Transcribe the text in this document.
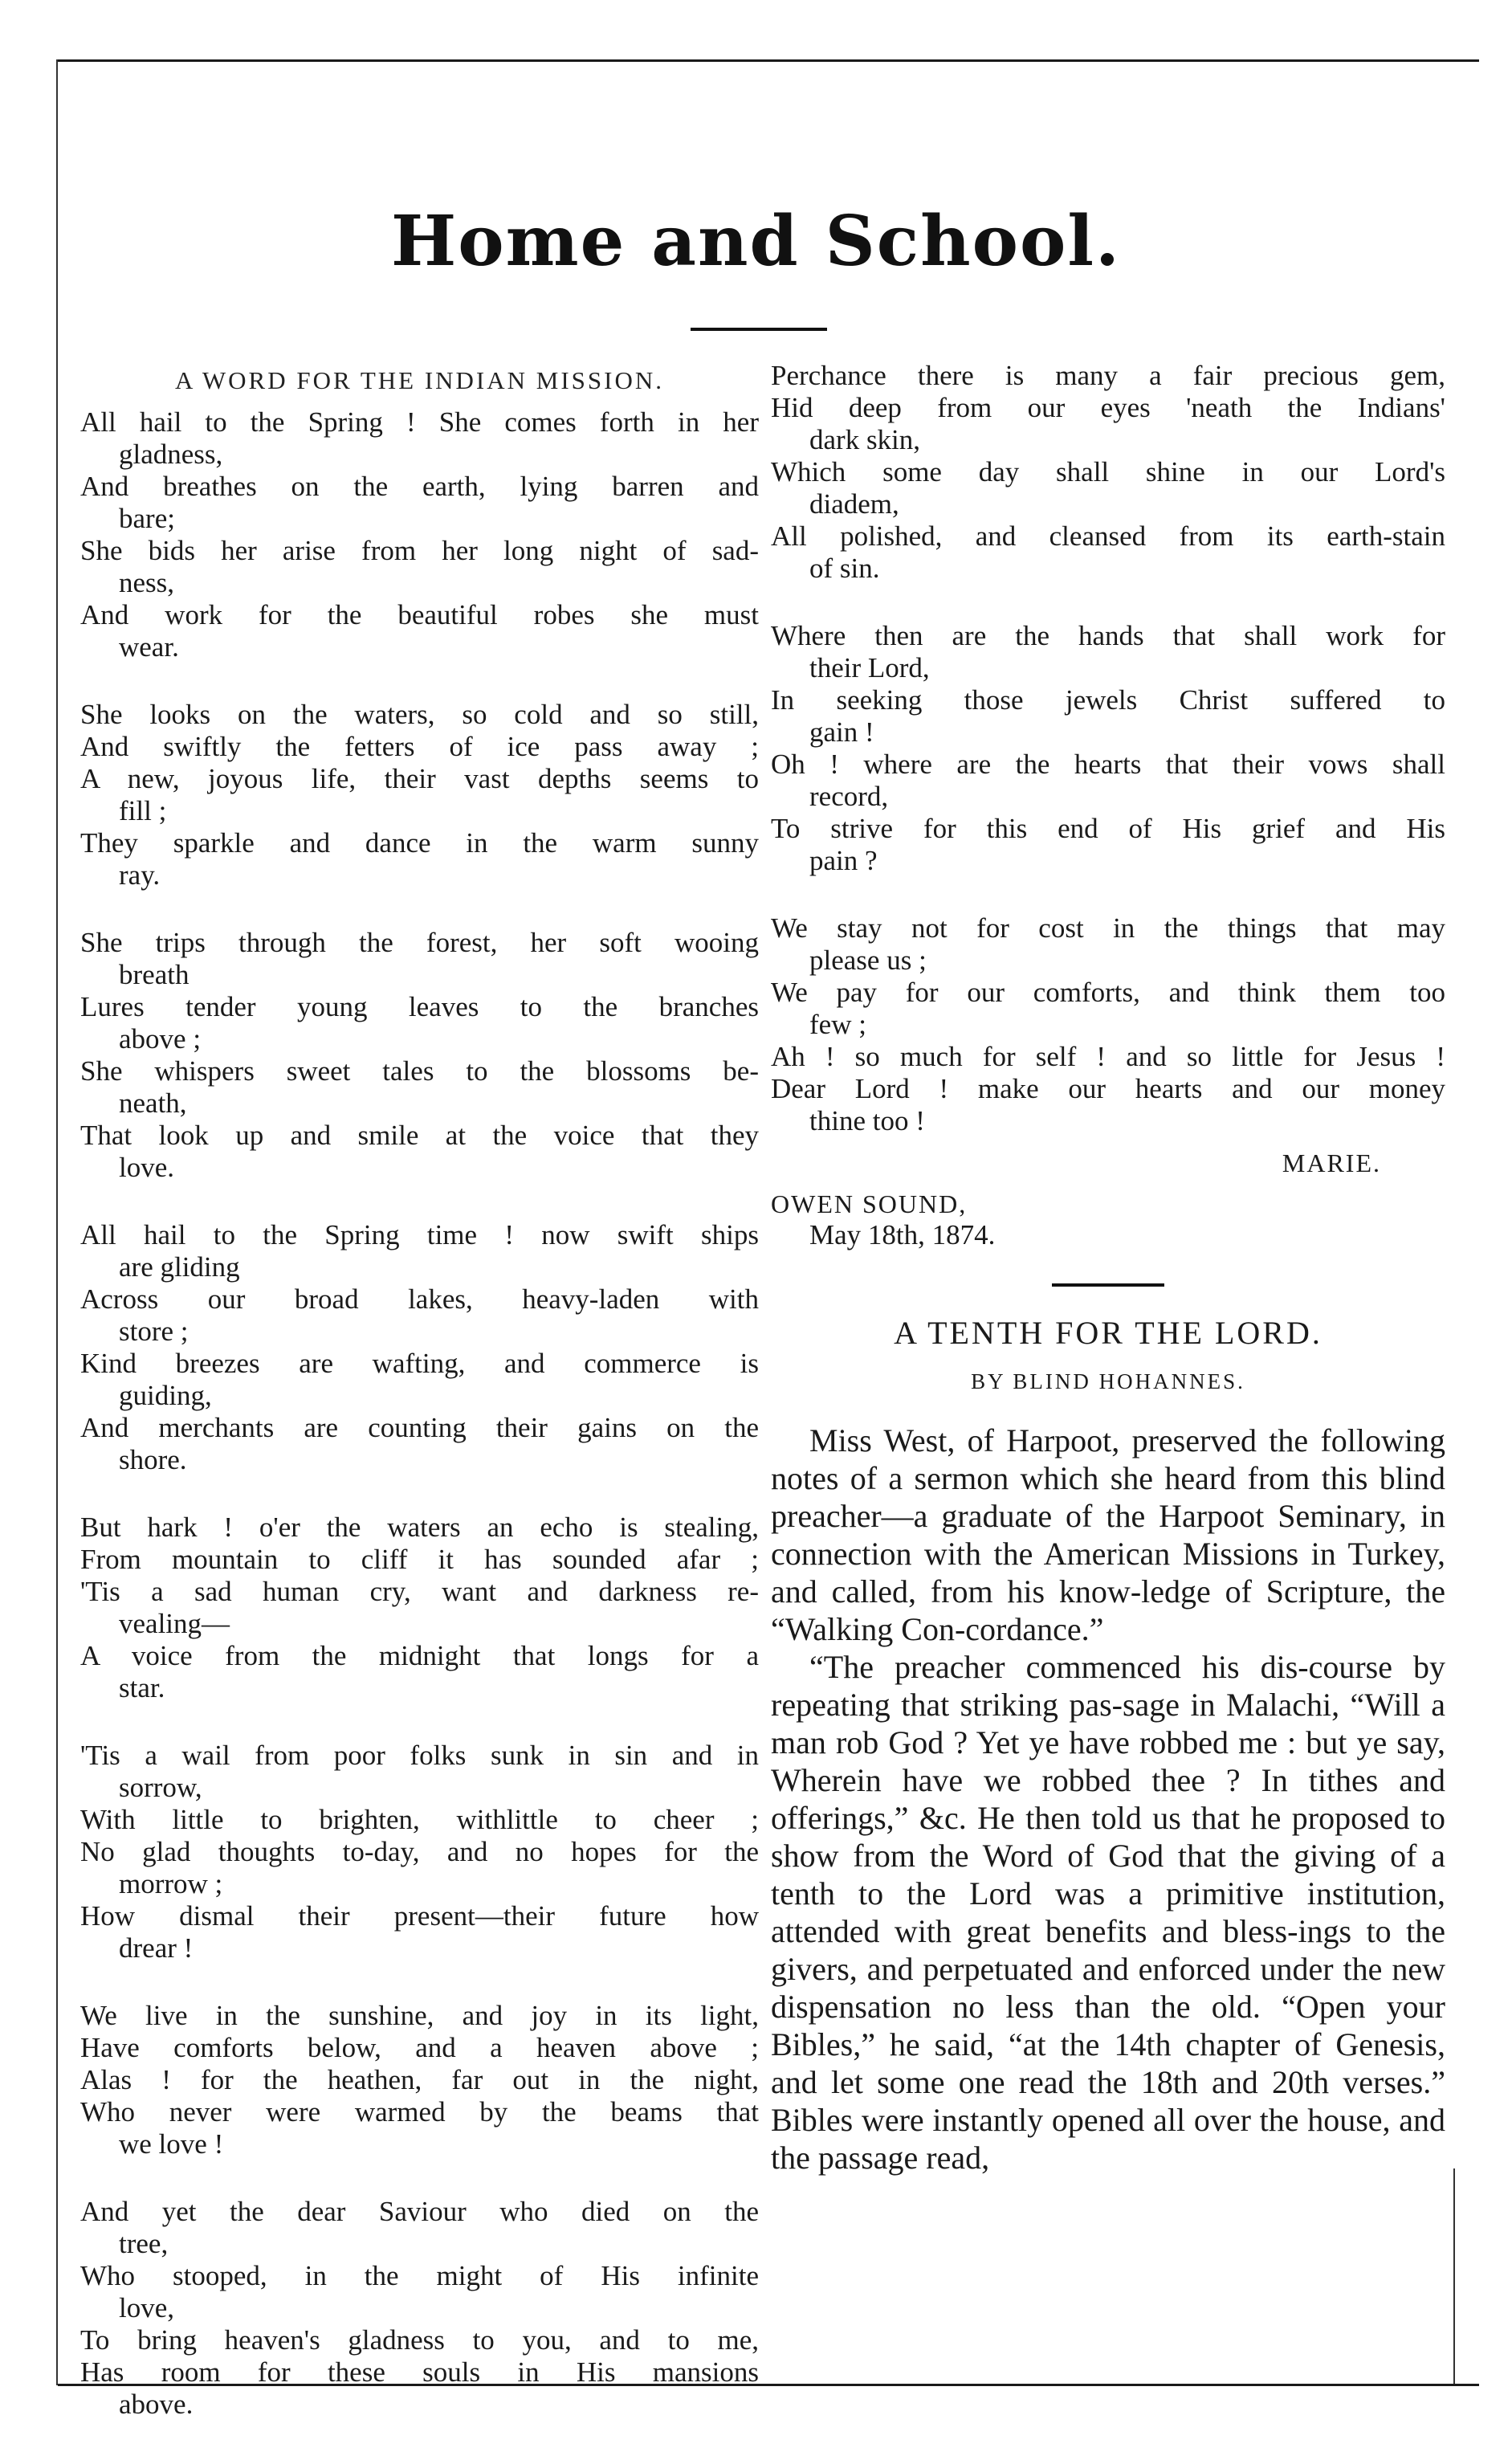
Home and School.
A WORD FOR THE INDIAN MISSION.
All hail to the Spring ! She comes forth in her
gladness,
And breathes on the earth, lying barren and
bare;
She bids her arise from her long night of sad-
ness,
And work for the beautiful robes she must
wear.
She looks on the waters, so cold and so still,
And swiftly the fetters of ice pass away ;
A new, joyous life, their vast depths seems to
fill ;
They sparkle and dance in the warm sunny
ray.
She trips through the forest, her soft wooing
breath
Lures tender young leaves to the branches
above ;
She whispers sweet tales to the blossoms be-
neath,
That look up and smile at the voice that they
love.
All hail to the Spring time ! now swift ships
are gliding
Across our broad lakes, heavy-laden with
store ;
Kind breezes are wafting, and commerce is
guiding,
And merchants are counting their gains on the
shore.
But hark ! o'er the waters an echo is stealing,
From mountain to cliff it has sounded afar ;
'Tis a sad human cry, want and darkness re-
vealing—
A voice from the midnight that longs for a
star.
'Tis a wail from poor folks sunk in sin and in
sorrow,
With little to brighten, withlittle to cheer ;
No glad thoughts to-day, and no hopes for the
morrow ;
How dismal their present—their future how
drear !
We live in the sunshine, and joy in its light,
Have comforts below, and a heaven above ;
Alas ! for the heathen, far out in the night,
Who never were warmed by the beams that
we love !
And yet the dear Saviour who died on the
tree,
Who stooped, in the might of His infinite
love,
To bring heaven's gladness to you, and to me,
Has room for these souls in His mansions
above.
Perchance there is many a fair precious gem,
Hid deep from our eyes 'neath the Indians'
dark skin,
Which some day shall shine in our Lord's
diadem,
All polished, and cleansed from its earth-stain
of sin.
Where then are the hands that shall work for
their Lord,
In seeking those jewels Christ suffered to
gain !
Oh ! where are the hearts that their vows shall
record,
To strive for this end of His grief and His
pain ?
We stay not for cost in the things that may
please us ;
We pay for our comforts, and think them too
few ;
Ah ! so much for self ! and so little for Jesus !
Dear Lord ! make our hearts and our money
thine too !
MARIE.
OWEN SOUND,
May 18th, 1874.
A TENTH FOR THE LORD.
BY BLIND HOHANNES.

Miss West, of Harpoot, preserved the following notes of a sermon which she heard from this blind preacher—a graduate of the Harpoot Seminary, in connection with the American Missions in Turkey, and called, from his know-ledge of Scripture, the “Walking Con-cordance.”

“The preacher commenced his dis-course by repeating that striking pas-sage in Malachi, “Will a man rob God ? Yet ye have robbed me : but ye say, Wherein have we robbed thee ? In tithes and offerings,” &c. He then told us that he proposed to show from the Word of God that the giving of a tenth to the Lord was a primitive institution, attended with great benefits and bless-ings to the givers, and perpetuated and enforced under the new dispensation no less than the old. “Open your Bibles,” he said, “at the 14th chapter of Genesis, and let some one read the 18th and 20th verses.” Bibles were instantly opened all over the house, and the passage read,
